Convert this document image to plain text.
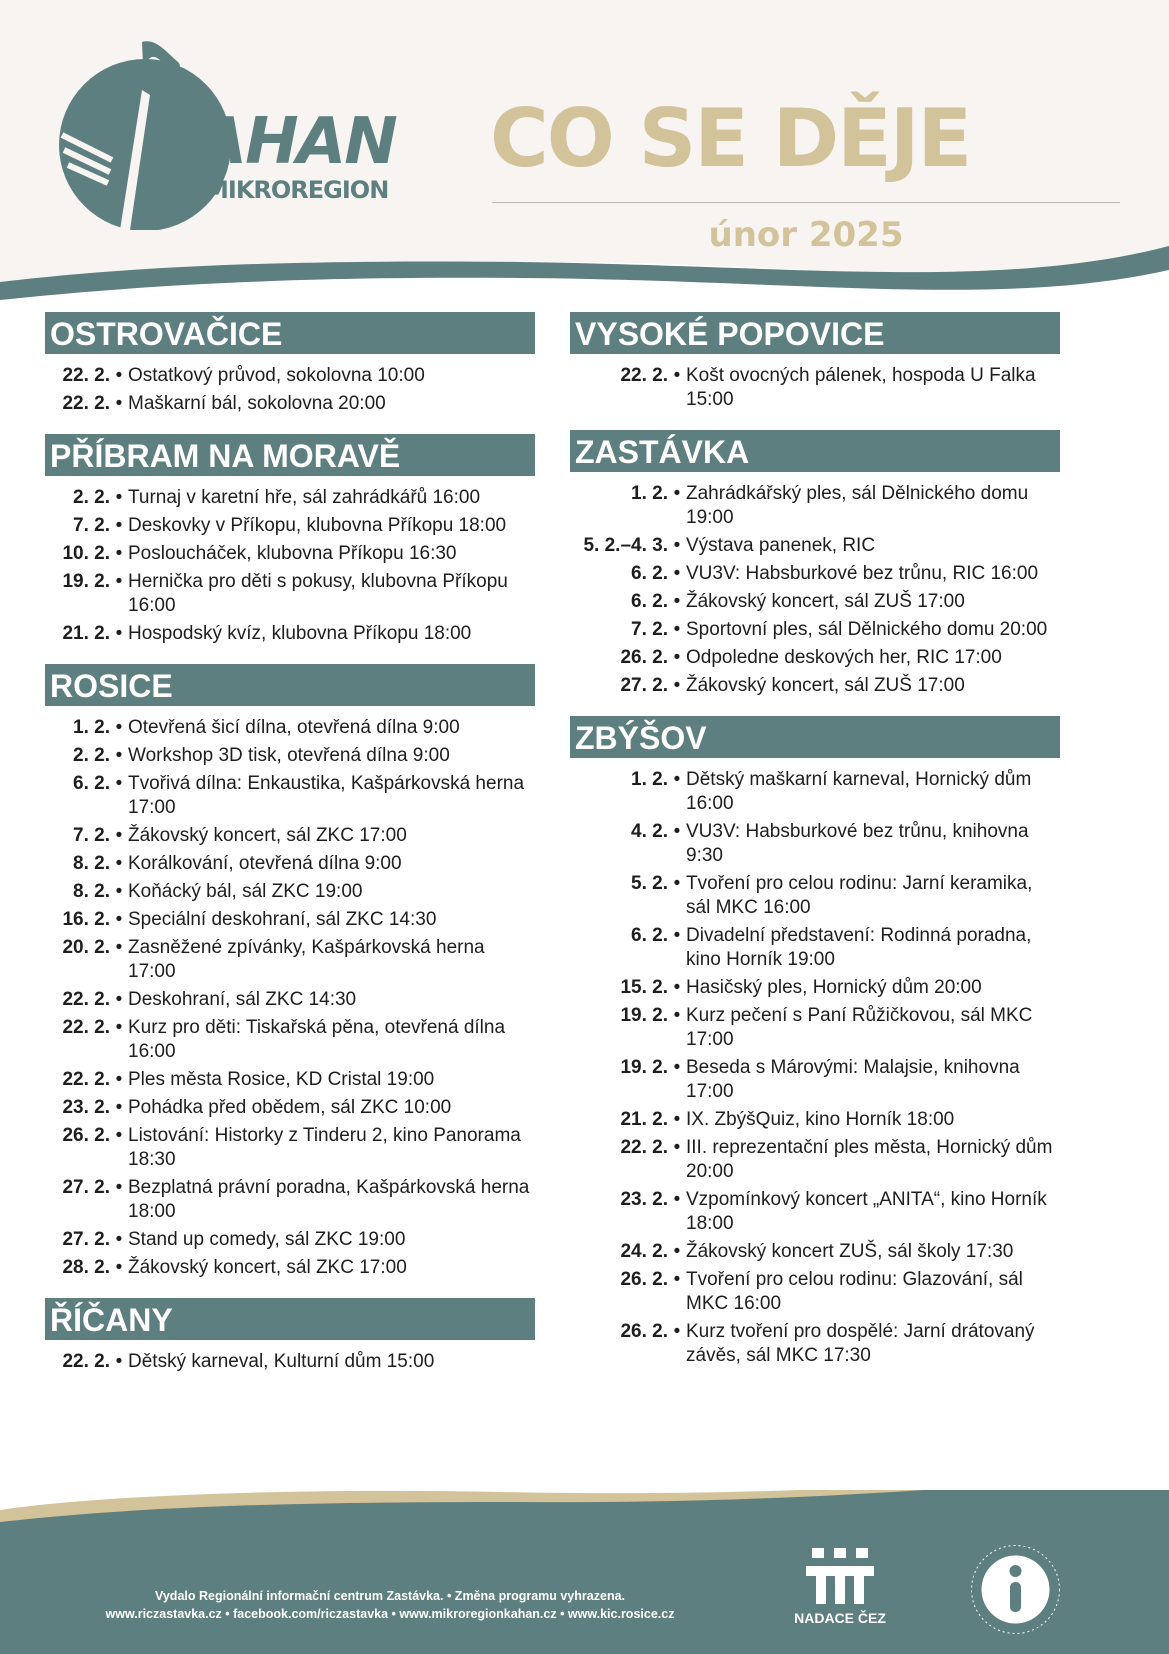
KAHAN
MIKROREGION
CO SE DĚJE
únor 2025
OSTROVAČICE
22. 2. • Ostatkový průvod, sokolovna 10:00
22. 2. • Maškarní bál, sokolovna 20:00
PŘÍBRAM NA MORAVĚ
2. 2. • Turnaj v karetní hře, sál zahrádkářů 16:00
7. 2. • Deskovky v Příkopu, klubovna Příkopu 18:00
10. 2. • Posloucháček, klubovna Příkopu 16:30
19. 2. • Hernička pro děti s pokusy, klubovna Příkopu 16:00
21. 2. • Hospodský kvíz, klubovna Příkopu 18:00
ROSICE
1. 2. • Otevřená šicí dílna, otevřená dílna 9:00
2. 2. • Workshop 3D tisk, otevřená dílna 9:00
6. 2. • Tvořivá dílna: Enkaustika, Kašpárkovská herna 17:00
7. 2. • Žákovský koncert, sál ZKC 17:00
8. 2. • Korálkování, otevřená dílna 9:00
8. 2. • Koňácký bál, sál ZKC 19:00
16. 2. • Speciální deskohraní, sál ZKC 14:30
20. 2. • Zasněžené zpívánky, Kašpárkovská herna 17:00
22. 2. • Deskohraní, sál ZKC 14:30
22. 2. • Kurz pro děti: Tiskařská pěna, otevřená dílna 16:00
22. 2. • Ples města Rosice, KD Cristal 19:00
23. 2. • Pohádka před obědem, sál ZKC 10:00
26. 2. • Listování: Historky z Tinderu 2, kino Panorama 18:30
27. 2. • Bezplatná právní poradna, Kašpárkovská herna 18:00
27. 2. • Stand up comedy, sál ZKC 19:00
28. 2. • Žákovský koncert, sál ZKC 17:00
ŘÍČANY
22. 2. • Dětský karneval, Kulturní dům 15:00
VYSOKÉ POPOVICE
22. 2. • Košt ovocných pálenek, hospoda U Falka 15:00
ZASTÁVKA
1. 2. • Zahrádkářský ples, sál Dělnického domu 19:00
5. 2.–4. 3. • Výstava panenek, RIC
6. 2. • VU3V: Habsburkové bez trůnu, RIC 16:00
6. 2. • Žákovský koncert, sál ZUŠ 17:00
7. 2. • Sportovní ples, sál Dělnického domu 20:00
26. 2. • Odpoledne deskových her, RIC 17:00
27. 2. • Žákovský koncert, sál ZUŠ 17:00
ZBÝŠOV
1. 2. • Dětský maškarní karneval, Hornický dům 16:00
4. 2. • VU3V: Habsburkové bez trůnu, knihovna 9:30
5. 2. • Tvoření pro celou rodinu: Jarní keramika, sál MKC 16:00
6. 2. • Divadelní představení: Rodinná poradna, kino Horník 19:00
15. 2. • Hasičský ples, Hornický dům 20:00
19. 2. • Kurz pečení s Paní Růžičkovou, sál MKC 17:00
19. 2. • Beseda s Márovými: Malajsie, knihovna 17:00
21. 2. • IX. ZbýšQuiz, kino Horník 18:00
22. 2. • III. reprezentační ples města, Hornický dům 20:00
23. 2. • Vzpomínkový koncert „ANITA“, kino Horník 18:00
24. 2. • Žákovský koncert ZUŠ, sál školy 17:30
26. 2. • Tvoření pro celou rodinu: Glazování, sál MKC 16:00
26. 2. • Kurz tvoření pro dospělé: Jarní drátovaný závěs, sál MKC 17:30
Vydalo Regionální informační centrum Zastávka. • Změna programu vyhrazena.
www.riczastavka.cz • facebook.com/riczastavka • www.mikroregionkahan.cz • www.kic.rosice.cz	NADACE ČEZ
